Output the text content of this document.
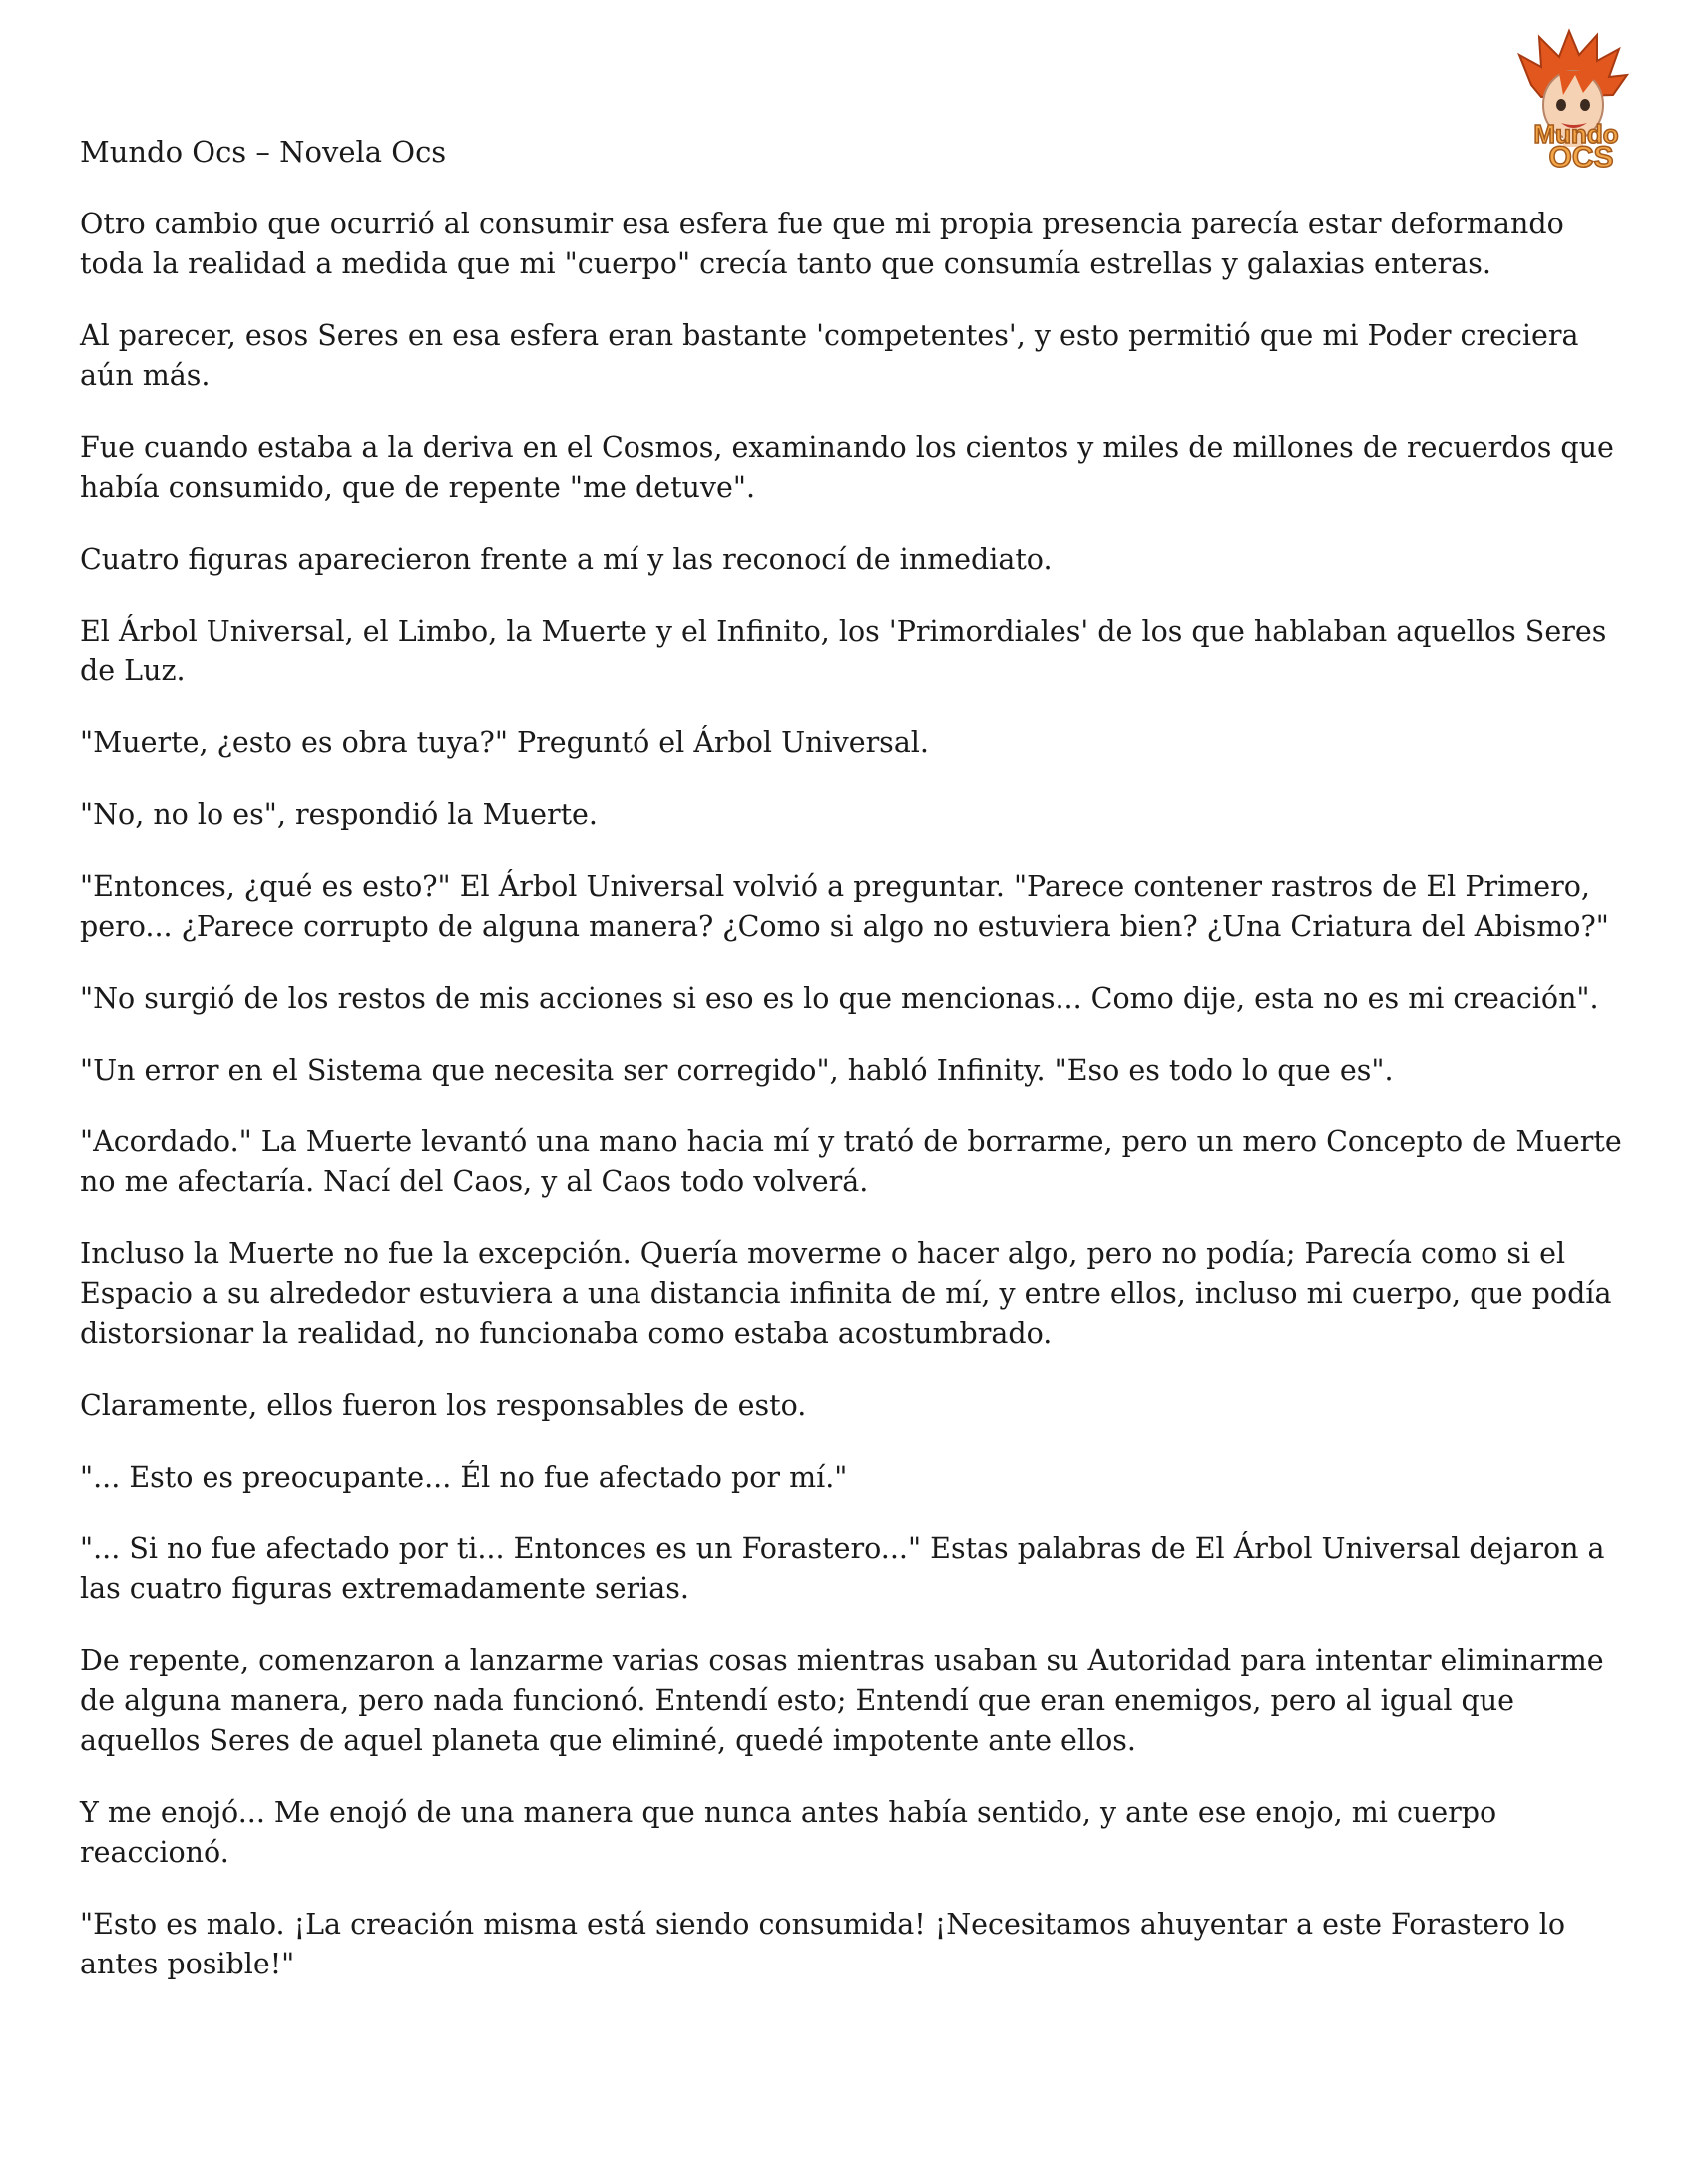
Mundo
OCS
Mundo Ocs – Novela Ocs

Otro cambio que ocurrió al consumir esa esfera fue que mi propia presencia parecía estar deformando toda la realidad a medida que mi "cuerpo" crecía tanto que consumía estrellas y galaxias enteras.

Al parecer, esos Seres en esa esfera eran bastante 'competentes', y esto permitió que mi Poder creciera aún más.

Fue cuando estaba a la deriva en el Cosmos, examinando los cientos y miles de millones de recuerdos que había consumido, que de repente "me detuve".

Cuatro figuras aparecieron frente a mí y las reconocí de inmediato.

El Árbol Universal, el Limbo, la Muerte y el Infinito, los 'Primordiales' de los que hablaban aquellos Seres de Luz.

"Muerte, ¿esto es obra tuya?" Preguntó el Árbol Universal.

"No, no lo es", respondió la Muerte.

"Entonces, ¿qué es esto?" El Árbol Universal volvió a preguntar. "Parece contener rastros de El Primero, pero... ¿Parece corrupto de alguna manera? ¿Como si algo no estuviera bien? ¿Una Criatura del Abismo?"

"No surgió de los restos de mis acciones si eso es lo que mencionas... Como dije, esta no es mi creación".

"Un error en el Sistema que necesita ser corregido", habló Infinity. "Eso es todo lo que es".

"Acordado." La Muerte levantó una mano hacia mí y trató de borrarme, pero un mero Concepto de Muerte no me afectaría. Nací del Caos, y al Caos todo volverá.

Incluso la Muerte no fue la excepción. Quería moverme o hacer algo, pero no podía; Parecía como si el Espacio a su alrededor estuviera a una distancia infinita de mí, y entre ellos, incluso mi cuerpo, que podía distorsionar la realidad, no funcionaba como estaba acostumbrado.

Claramente, ellos fueron los responsables de esto.

"... Esto es preocupante... Él no fue afectado por mí."

"... Si no fue afectado por ti... Entonces es un Forastero..." Estas palabras de El Árbol Universal dejaron a las cuatro figuras extremadamente serias.

De repente, comenzaron a lanzarme varias cosas mientras usaban su Autoridad para intentar eliminarme de alguna manera, pero nada funcionó. Entendí esto; Entendí que eran enemigos, pero al igual que aquellos Seres de aquel planeta que eliminé, quedé impotente ante ellos.

Y me enojó... Me enojó de una manera que nunca antes había sentido, y ante ese enojo, mi cuerpo reaccionó.

"Esto es malo. ¡La creación misma está siendo consumida! ¡Necesitamos ahuyentar a este Forastero lo antes posible!"
